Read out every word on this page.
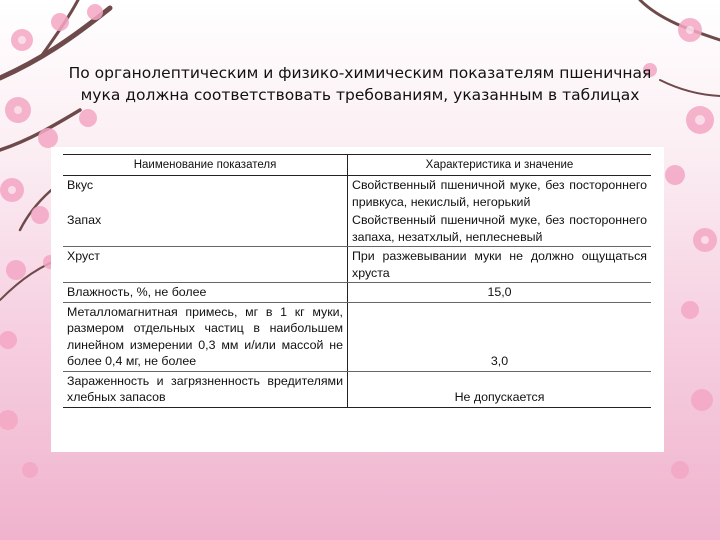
По органолептическим и физико-химическим показателям пшеничная
мука должна соответствовать требованиям, указанным в таблицах
Наименование показателя	Характеристика и значение
Вкус	Свойственный пшеничной муке, без постороннего привкуса, некислый, негорький
Запах	Свойственный пшеничной муке, без постороннего запаха, незатхлый, неплесневый
Хруст	При разжевывании муки не должно ощущаться хруста
Влажность, %, не более	15,0
Металломагнитная примесь, мг в 1 кг муки, размером отдельных частиц в наибольшем линейном измерении 0,3 мм и/или массой не более 0,4 мг, не более	3,0
Зараженность и загрязненность вредителями хлебных запасов	Не допускается
